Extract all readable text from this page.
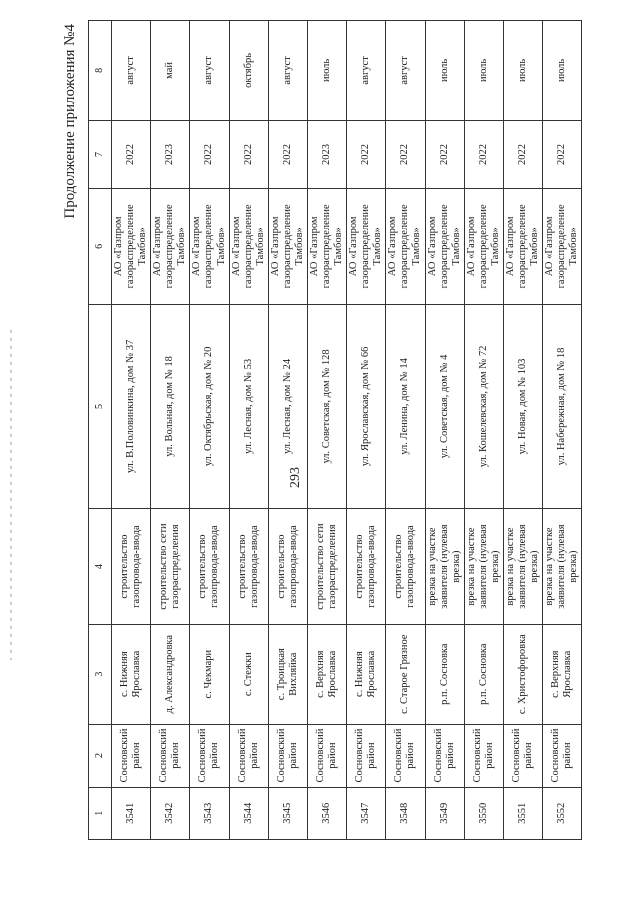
293
Продолжение приложения №4
1	2	3	4	5	6	7	8
3541	Сосновский район	с. Нижняя Ярославка	строительство газопровода-ввода	ул. В.Половинкина, дом № 37	АО «Газпром газораспределение Тамбов»	2022	август
3542	Сосновский район	д. Александровка	строительство сети газораспределения	ул. Вольная, дом № 18	АО «Газпром газораспределение Тамбов»	2023	май
3543	Сосновский район	с. Чекмари	строительство газопровода-ввода	ул. Октябрьская, дом № 20	АО «Газпром газораспределение Тамбов»	2022	август
3544	Сосновский район	с. Стежки	строительство газопровода-ввода	ул. Лесная, дом № 53	АО «Газпром газораспределение Тамбов»	2022	октябрь
3545	Сосновский район	с. Троицкая Вихляйка	строительство газопровода-ввода	ул. Лесная, дом № 24	АО «Газпром газораспределение Тамбов»	2022	август
3546	Сосновский район	с. Верхняя Ярославка	строительство сети газораспределения	ул. Советская, дом № 128	АО «Газпром газораспределение Тамбов»	2023	июль
3547	Сосновский район	с. Нижняя Ярославка	строительство газопровода-ввода	ул. Ярославская, дом № 66	АО «Газпром газораспределение Тамбов»	2022	август
3548	Сосновский район	с. Старое Грязное	строительство газопровода-ввода	ул. Ленина, дом № 14	АО «Газпром газораспределение Тамбов»	2022	август
3549	Сосновский район	р.п. Сосновка	врезка на участке заявителя (нулевая врезка)	ул. Советская, дом № 4	АО «Газпром газораспределение Тамбов»	2022	июль
3550	Сосновский район	р.п. Сосновка	врезка на участке заявителя (нулевая врезка)	ул. Кошелевская, дом № 72	АО «Газпром газораспределение Тамбов»	2022	июль
3551	Сосновский район	с. Христофоровка	врезка на участке заявителя (нулевая врезка)	ул. Новая, дом № 103	АО «Газпром газораспределение Тамбов»	2022	июль
3552	Сосновский район	с. Верхняя Ярославка	врезка на участке заявителя (нулевая врезка)	ул. Набережная, дом № 18	АО «Газпром газораспределение Тамбов»	2022	июль
